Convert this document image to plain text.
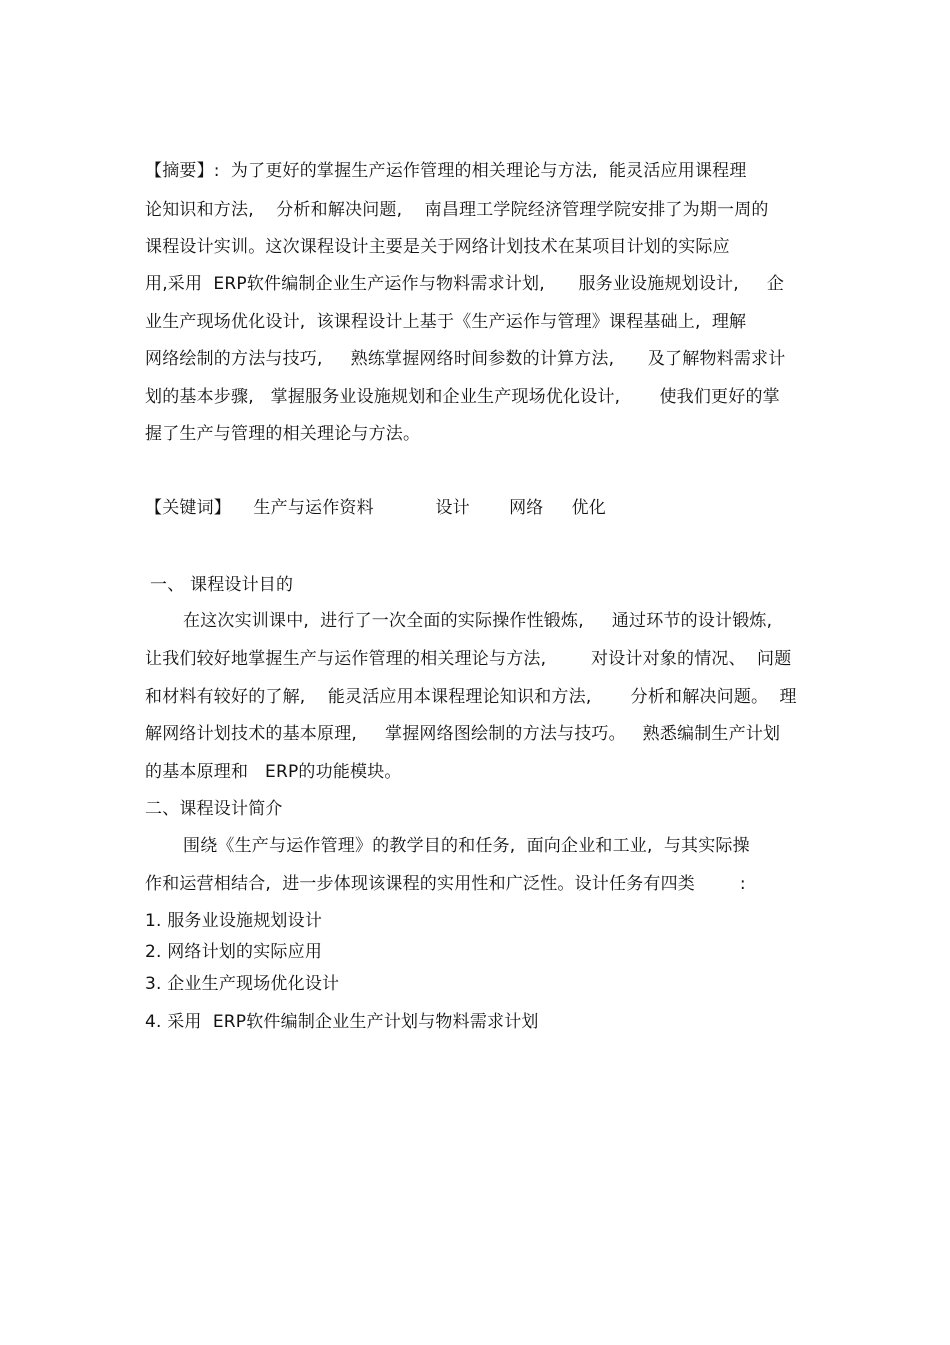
【摘要】:  为了更好的掌握生产运作管理的相关理论与方法,  能灵活应用课程理
论知识和方法,    分析和解决问题,    南昌理工学院经济管理学院安排了为期一周的
课程设计实训。这次课程设计主要是关于网络计划技术在某项目计划的实际应
用,采用  ERP软件编制企业生产运作与物料需求计划,      服务业设施规划设计,     企
业生产现场优化设计,  该课程设计上基于《生产运作与管理》课程基础上,  理解
网络绘制的方法与技巧,     熟练掌握网络时间参数的计算方法,      及了解物料需求计
划的基本步骤,   掌握服务业设施规划和企业生产现场优化设计,       使我们更好的掌
握了生产与管理的相关理论与方法。
【关键词】    生产与运作资料           设计       网络     优化
一、 课程设计目的
在这次实训课中,  进行了一次全面的实际操作性锻炼,     通过环节的设计锻炼,
让我们较好地掌握生产与运作管理的相关理论与方法,        对设计对象的情况、  问题
和材料有较好的了解,    能灵活应用本课程理论知识和方法,       分析和解决问题。  理
解网络计划技术的基本原理,     掌握网络图绘制的方法与技巧。   熟悉编制生产计划
的基本原理和   ERP的功能模块。
二、课程设计简介
围绕《生产与运作管理》的教学目的和任务,  面向企业和工业,  与其实际操
作和运营相结合,  进一步体现该课程的实用性和广泛性。设计任务有四类        :
1. 服务业设施规划设计
2. 网络计划的实际应用
3. 企业生产现场优化设计
4. 采用  ERP软件编制企业生产计划与物料需求计划
